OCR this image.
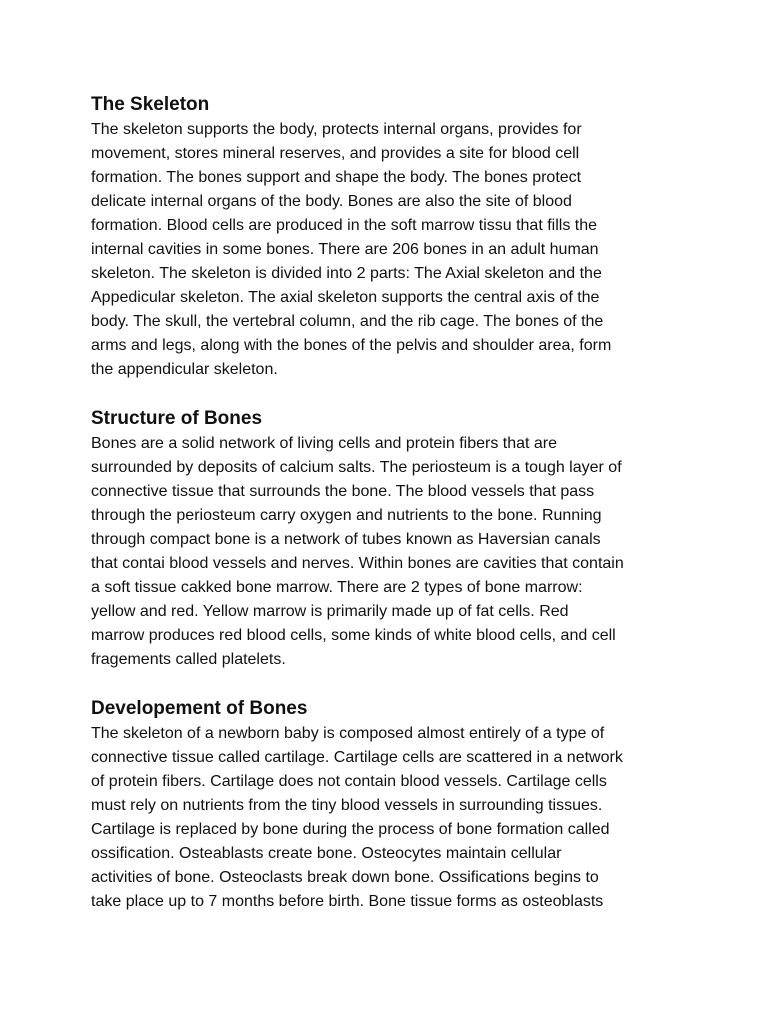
The Skeleton

The skeleton supports the body, protects internal organs, provides for
movement, stores mineral reserves, and provides a site for blood cell
formation. The bones support and shape the body. The bones protect
delicate internal organs of the body. Bones are also the site of blood
formation. Blood cells are produced in the soft marrow tissu that fills the
internal cavities in some bones. There are 206 bones in an adult human
skeleton. The skeleton is divided into 2 parts: The Axial skeleton and the
Appedicular skeleton. The axial skeleton supports the central axis of the
body. The skull, the vertebral column, and the rib cage. The bones of the
arms and legs, along with the bones of the pelvis and shoulder area, form
the appendicular skeleton.

Structure of Bones

Bones are a solid network of living cells and protein fibers that are
surrounded by deposits of calcium salts. The periosteum is a tough layer of
connective tissue that surrounds the bone. The blood vessels that pass
through the periosteum carry oxygen and nutrients to the bone. Running
through compact bone is a network of tubes known as Haversian canals
that contai blood vessels and nerves. Within bones are cavities that contain
a soft tissue cakked bone marrow. There are 2 types of bone marrow:
yellow and red. Yellow marrow is primarily made up of fat cells. Red
marrow produces red blood cells, some kinds of white blood cells, and cell
fragements called platelets.

Developement of Bones

The skeleton of a newborn baby is composed almost entirely of a type of
connective tissue called cartilage. Cartilage cells are scattered in a network
of protein fibers. Cartilage does not contain blood vessels. Cartilage cells
must rely on nutrients from the tiny blood vessels in surrounding tissues.
Cartilage is replaced by bone during the process of bone formation called
ossification. Osteablasts create bone. Osteocytes maintain cellular
activities of bone. Osteoclasts break down bone. Ossifications begins to
take place up to 7 months before birth. Bone tissue forms as osteoblasts
